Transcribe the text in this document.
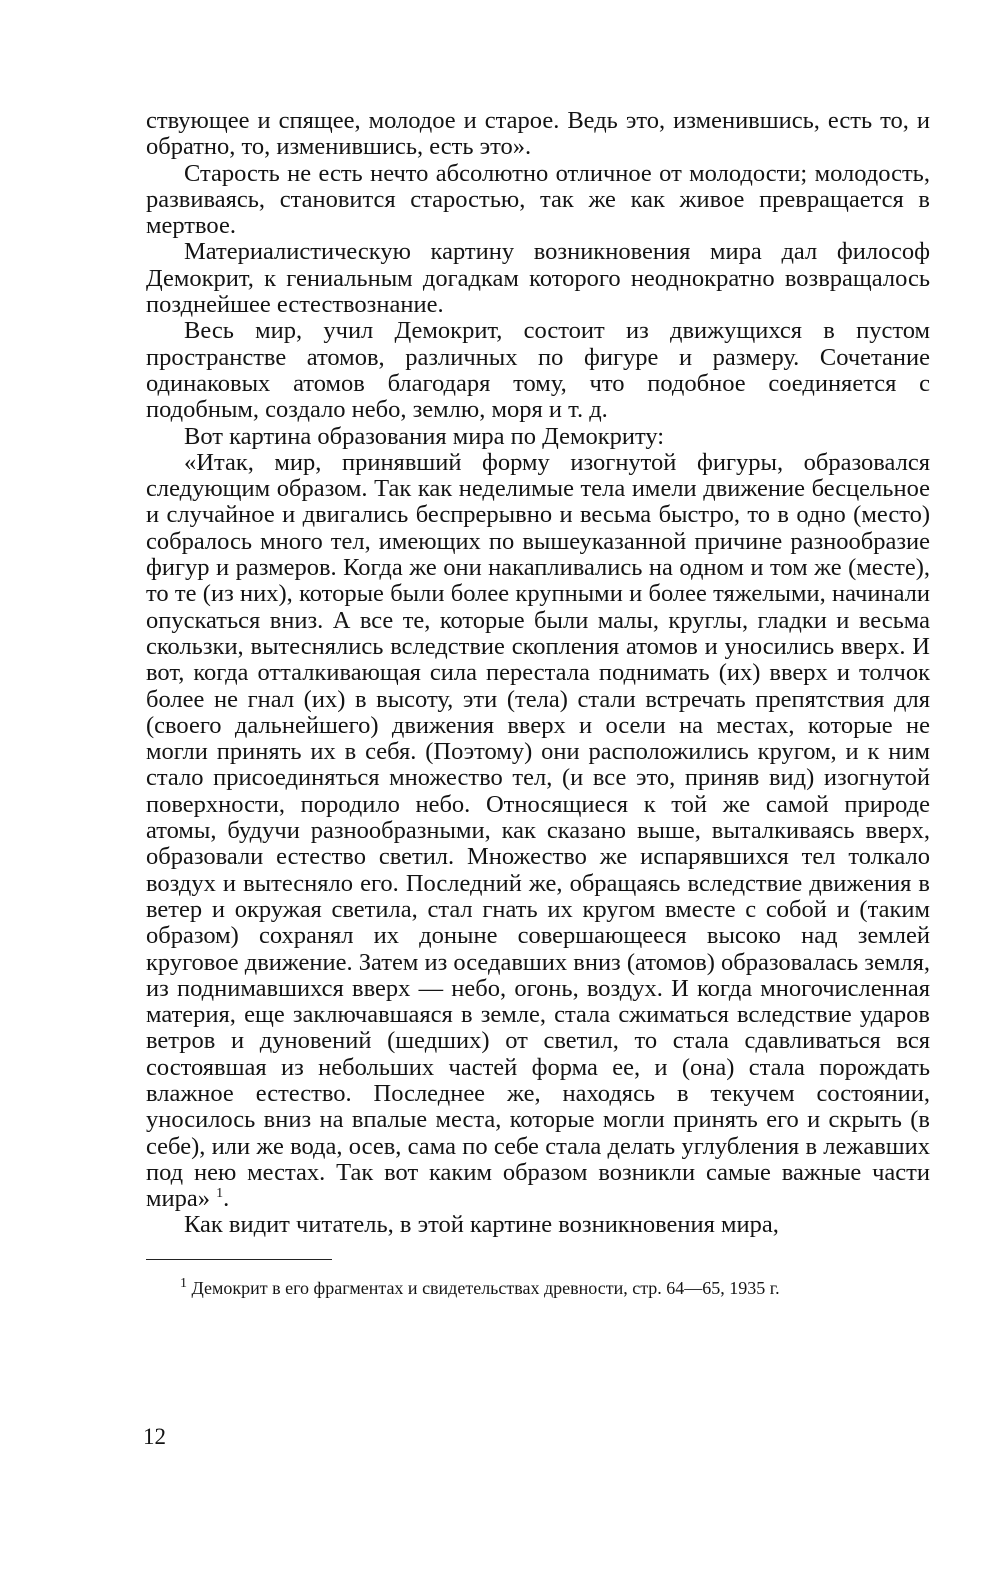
ствующее и спящее, молодое и старое. Ведь это, изменившись, есть то, и обратно, то, изменившись, есть это».

Старость не есть нечто абсолютно отличное от молодости; молодость, развиваясь, становится старостью, так же как живое превращается в мертвое.

Материалистическую картину возникновения мира дал философ Демокрит, к гениальным догадкам которого неоднократно возвращалось позднейшее естествознание.

Весь мир, учил Демокрит, состоит из движущихся в пустом пространстве атомов, различных по фигуре и размеру. Сочетание одинаковых атомов благодаря тому, что подобное соединяется с подобным, создало небо, землю, моря и т. д.

Вот картина образования мира по Демокриту:

«Итак, мир, принявший форму изогнутой фигуры, образовался следующим образом. Так как неделимые тела имели движение бесцельное и случайное и двигались беспрерывно и весьма быстро, то в одно (место) собралось много тел, имеющих по вышеуказанной причине разнообразие фигур и размеров. Когда же они накапливались на одном и том же (месте), то те (из них), которые были более крупными и более тяжелыми, начинали опускаться вниз. А все те, которые были малы, круглы, гладки и весьма скользки, вытеснялись вследствие скопления атомов и уносились вверх. И вот, когда отталкивающая сила перестала поднимать (их) вверх и толчок более не гнал (их) в высоту, эти (тела) стали встречать препятствия для (своего дальнейшего) движения вверх и осели на местах, которые не могли принять их в себя. (Поэтому) они расположились кругом, и к ним стало присоединяться множество тел, (и все это, приняв вид) изогнутой поверхности, породило небо. Относящиеся к той же самой природе атомы, будучи разнообразными, как сказано выше, выталкиваясь вверх, образовали естество светил. Множество же испарявшихся тел толкало воздух и вытесняло его. Последний же, обращаясь вследствие движения в ветер и окружая светила, стал гнать их кругом вместе с собой и (таким образом) сохранял их доныне совершающееся высоко над землей круговое движение. Затем из оседавших вниз (атомов) образовалась земля, из поднимавшихся вверх — небо, огонь, воздух. И когда многочисленная материя, еще заключавшаяся в земле, стала сжиматься вследствие ударов ветров и дуновений (шедших) от светил, то стала сдавливаться вся состоявшая из небольших частей форма ее, и (она) стала порождать влажное естество. Последнее же, находясь в текучем состоянии, уносилось вниз на впалые места, которые могли принять его и скрыть (в себе), или же вода, осев, сама по себе стала делать углубления в лежавших под нею местах. Так вот каким образом возникли самые важные части мира» $^1$.

Как видит читатель, в этой картине возникновения мира,

$^1$ Демокрит в его фрагментах и свидетельствах древности, стр. 64—65, 1935 г.

12
